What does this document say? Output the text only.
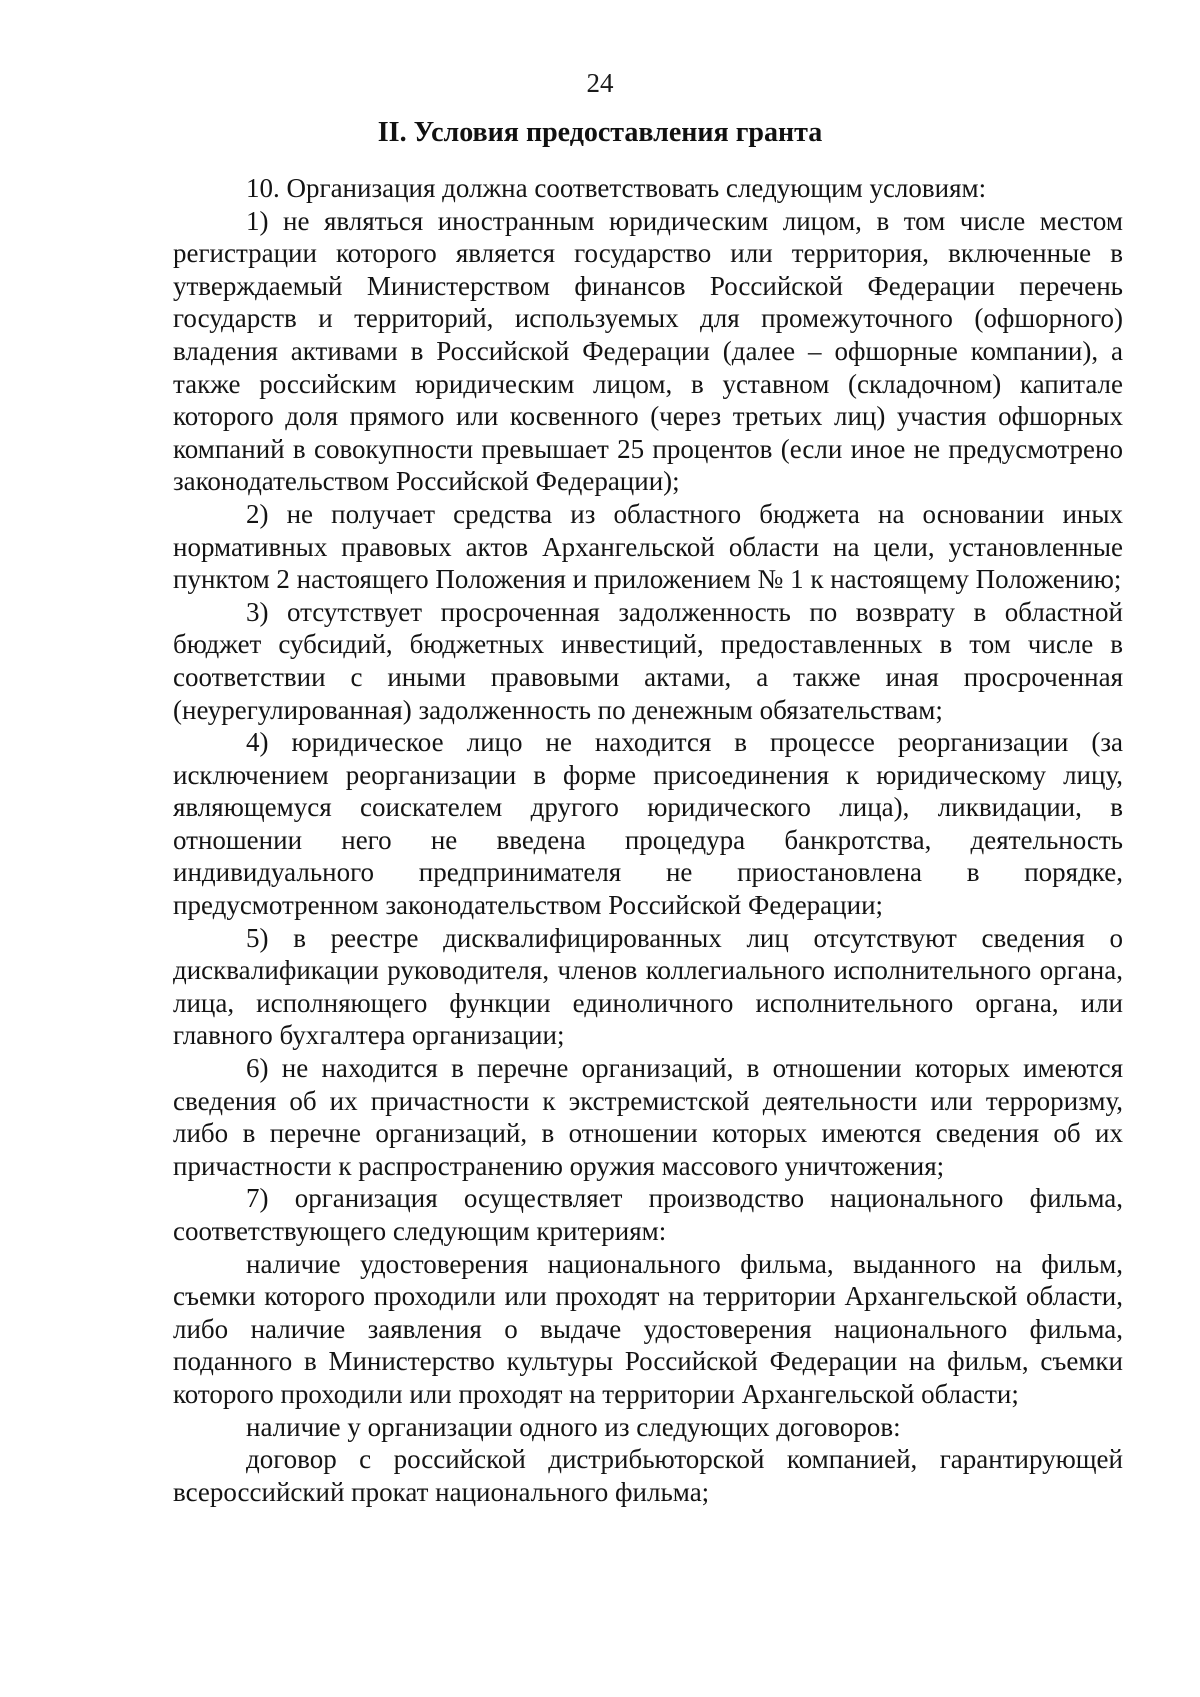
24
II. Условия предоставления гранта

10. Организация должна соответствовать следующим условиям:

1) не являться иностранным юридическим лицом, в том числе местом регистрации которого является государство или территория, включенные в утверждаемый Министерством финансов Российской Федерации перечень государств и территорий, используемых для промежуточного (офшорного) владения активами в Российской Федерации (далее – офшорные компании), а также российским юридическим лицом, в уставном (складочном) капитале которого доля прямого или косвенного (через третьих лиц) участия офшорных компаний в совокупности превышает 25 процентов (если иное не предусмотрено законодательством Российской Федерации);

2) не получает средства из областного бюджета на основании иных нормативных правовых актов Архангельской области на цели, установленные пунктом 2 настоящего Положения и приложением № 1 к настоящему Положению;

3) отсутствует просроченная задолженность по возврату в областной бюджет субсидий, бюджетных инвестиций, предоставленных в том числе в соответствии с иными правовыми актами, а также иная просроченная (неурегулированная) задолженность по денежным обязательствам;

4) юридическое лицо не находится в процессе реорганизации (за исключением реорганизации в форме присоединения к юридическому лицу, являющемуся соискателем другого юридического лица), ликвидации, в отношении него не введена процедура банкротства, деятельность индивидуального предпринимателя не приостановлена в порядке, предусмотренном законодательством Российской Федерации;

5) в реестре дисквалифицированных лиц отсутствуют сведения о дисквалификации руководителя, членов коллегиального исполнительного органа, лица, исполняющего функции единоличного исполнительного органа, или главного бухгалтера организации;

6) не находится в перечне организаций, в отношении которых имеются сведения об их причастности к экстремистской деятельности или терроризму, либо в перечне организаций, в отношении которых имеются сведения об их причастности к распространению оружия массового уничтожения;

7) организация осуществляет производство национального фильма, соответствующего следующим критериям:

наличие удостоверения национального фильма, выданного на фильм, съемки которого проходили или проходят на территории Архангельской области, либо наличие заявления о выдаче удостоверения национального фильма, поданного в Министерство культуры Российской Федерации на фильм, съемки которого проходили или проходят на территории Архангельской области;

наличие у организации одного из следующих договоров:

договор с российской дистрибьюторской компанией, гарантирующей всероссийский прокат национального фильма;
